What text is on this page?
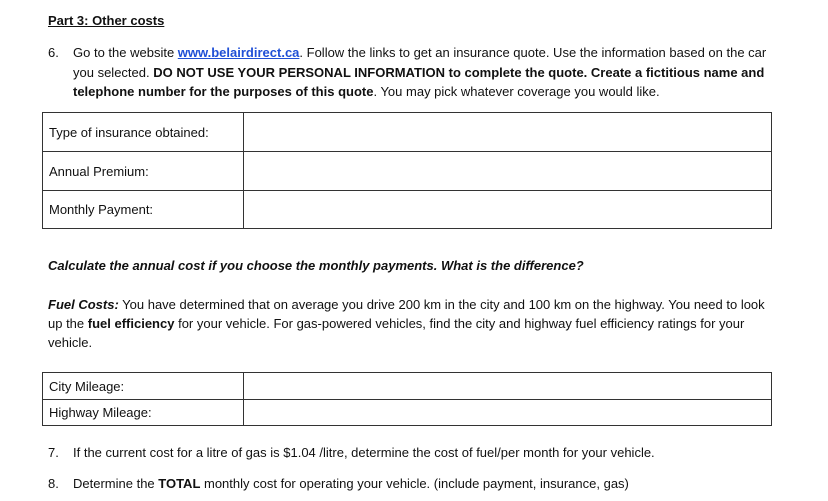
Part 3: Other costs
6. Go to the website www.belairdirect.ca. Follow the links to get an insurance quote. Use the information based on the car you selected. DO NOT USE YOUR PERSONAL INFORMATION to complete the quote. Create a fictitious name and telephone number for the purposes of this quote. You may pick whatever coverage you would like.
Type of insurance obtained:	
Annual Premium:	
Monthly Payment:	
Calculate the annual cost if you choose the monthly payments. What is the difference?
Fuel Costs: You have determined that on average you drive 200 km in the city and 100 km on the highway. You need to look up the fuel efficiency for your vehicle. For gas-powered vehicles, find the city and highway fuel efficiency ratings for your vehicle.
City Mileage:	
Highway Mileage:	
7. If the current cost for a litre of gas is $1.04 /litre, determine the cost of fuel/per month for your vehicle.
8. Determine the TOTAL monthly cost for operating your vehicle. (include payment, insurance, gas)
